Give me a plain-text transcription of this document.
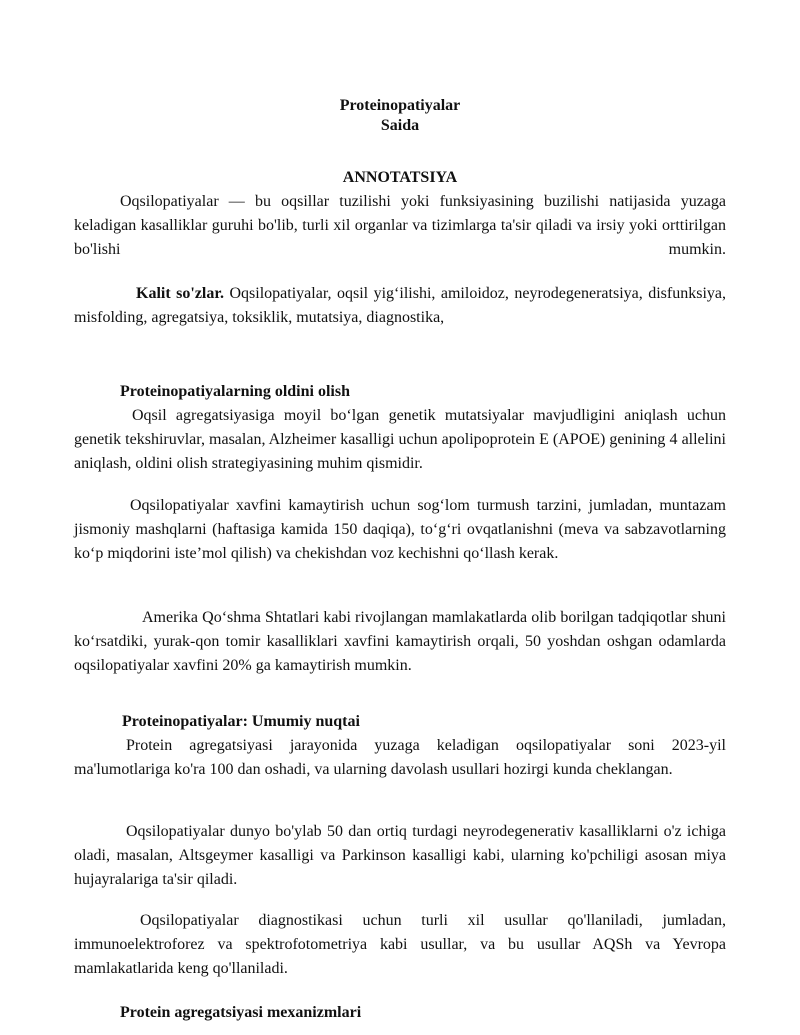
Proteinopatiyalar
Saida
ANNOTATSIYA

Oqsilopatiyalar — bu oqsillar tuzilishi yoki funksiyasining buzilishi natijasida yuzaga keladigan kasalliklar guruhi bo'lib, turli xil organlar va tizimlarga ta'sir qiladi va irsiy yoki orttirilgan bo'lishi mumkin.

Kalit so'zlar. Oqsilopatiyalar, oqsil yig‘ilishi, amiloidoz, neyrodegeneratsiya, disfunksiya, misfolding, agregatsiya, toksiklik, mutatsiya, diagnostika,

Proteinopatiyalarning oldini olish

Oqsil agregatsiyasiga moyil bo‘lgan genetik mutatsiyalar mavjudligini aniqlash uchun genetik tekshiruvlar, masalan, Alzheimer kasalligi uchun apolipoprotein E (APOE) genining 4 allelini aniqlash, oldini olish strategiyasining muhim qismidir.

Oqsilopatiyalar xavfini kamaytirish uchun sog‘lom turmush tarzini, jumladan, muntazam jismoniy mashqlarni (haftasiga kamida 150 daqiqa), to‘g‘ri ovqatlanishni (meva va sabzavotlarning ko‘p miqdorini iste’mol qilish) va chekishdan voz kechishni qo‘llash kerak.

Amerika Qo‘shma Shtatlari kabi rivojlangan mamlakatlarda olib borilgan tadqiqotlar shuni ko‘rsatdiki, yurak-qon tomir kasalliklari xavfini kamaytirish orqali, 50 yoshdan oshgan odamlarda oqsilopatiyalar xavfini 20% ga kamaytirish mumkin.

Proteinopatiyalar: Umumiy nuqtai

Protein agregatsiyasi jarayonida yuzaga keladigan oqsilopatiyalar soni 2023-yil ma'lumotlariga ko'ra 100 dan oshadi, va ularning davolash usullari hozirgi kunda cheklangan.

Oqsilopatiyalar dunyo bo'ylab 50 dan ortiq turdagi neyrodegenerativ kasalliklarni o'z ichiga oladi, masalan, Altsgeymer kasalligi va Parkinson kasalligi kabi, ularning ko'pchiligi asosan miya hujayralariga ta'sir qiladi.

Oqsilopatiyalar diagnostikasi uchun turli xil usullar qo'llaniladi, jumladan, immunoelektroforez va spektrofotometriya kabi usullar, va bu usullar AQSh va Yevropa mamlakatlarida keng qo'llaniladi.

Protein agregatsiyasi mexanizmlari
